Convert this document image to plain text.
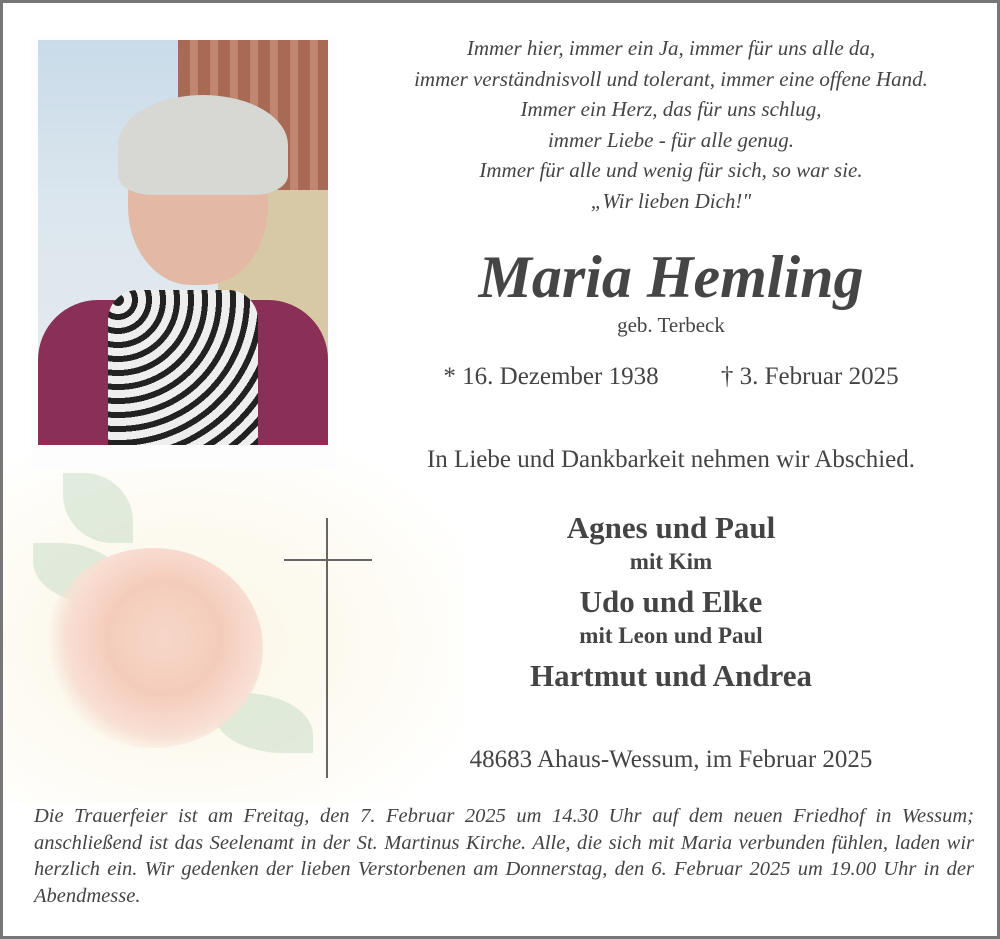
Immer hier, immer ein Ja, immer für uns alle da,
immer verständnisvoll und tolerant, immer eine offene Hand.
Immer ein Herz, das für uns schlug,
immer Liebe - für alle genug.
Immer für alle und wenig für sich, so war sie.
„Wir lieben Dich!"
Maria Hemling
geb. Terbeck
* 16. Dezember 1938 † 3. Februar 2025
In Liebe und Dankbarkeit nehmen wir Abschied.
Agnes und Paul
mit Kim
Udo und Elke
mit Leon und Paul
Hartmut und Andrea
48683 Ahaus-Wessum, im Februar 2025
Die Trauerfeier ist am Freitag, den 7. Februar 2025 um 14.30 Uhr auf dem neuen Friedhof in Wessum; anschließend ist das Seelenamt in der St. Martinus Kirche. Alle, die sich mit Maria verbunden fühlen, laden wir herzlich ein. Wir gedenken der lieben Verstorbenen am Donnerstag, den 6. Februar 2025 um 19.00 Uhr in der Abendmesse.
